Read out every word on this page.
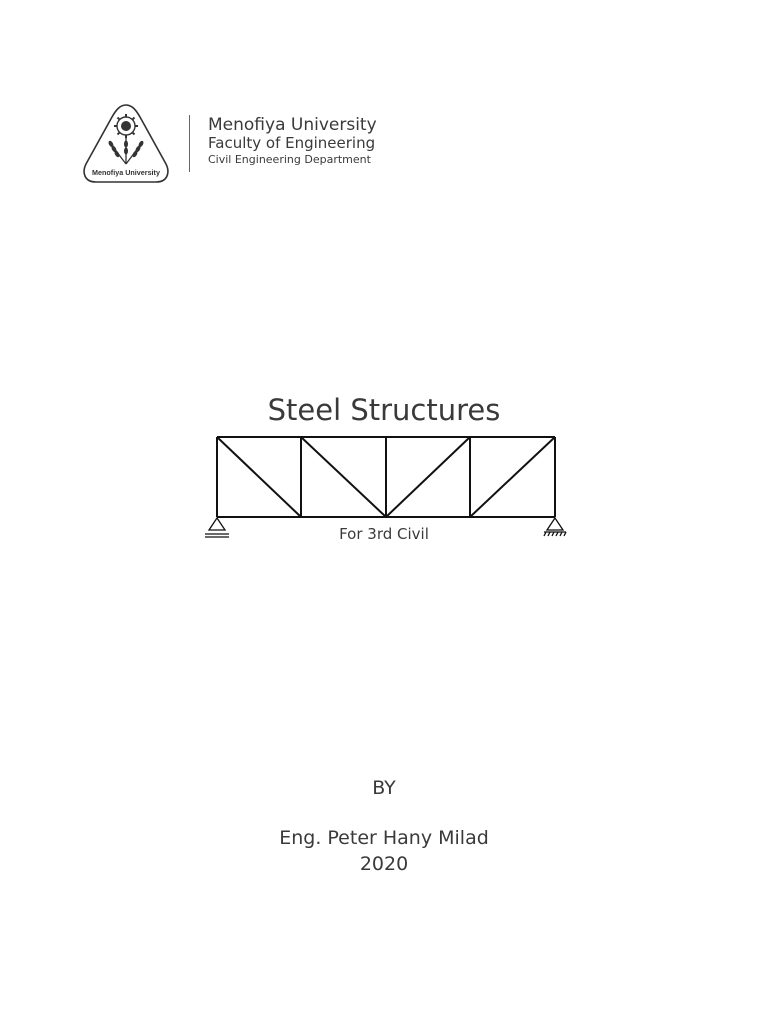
Menofiya University
Menofiya University
Faculty of Engineering
Civil Engineering Department
Steel Structures
For 3rd Civil
BY
Eng. Peter Hany Milad
2020
